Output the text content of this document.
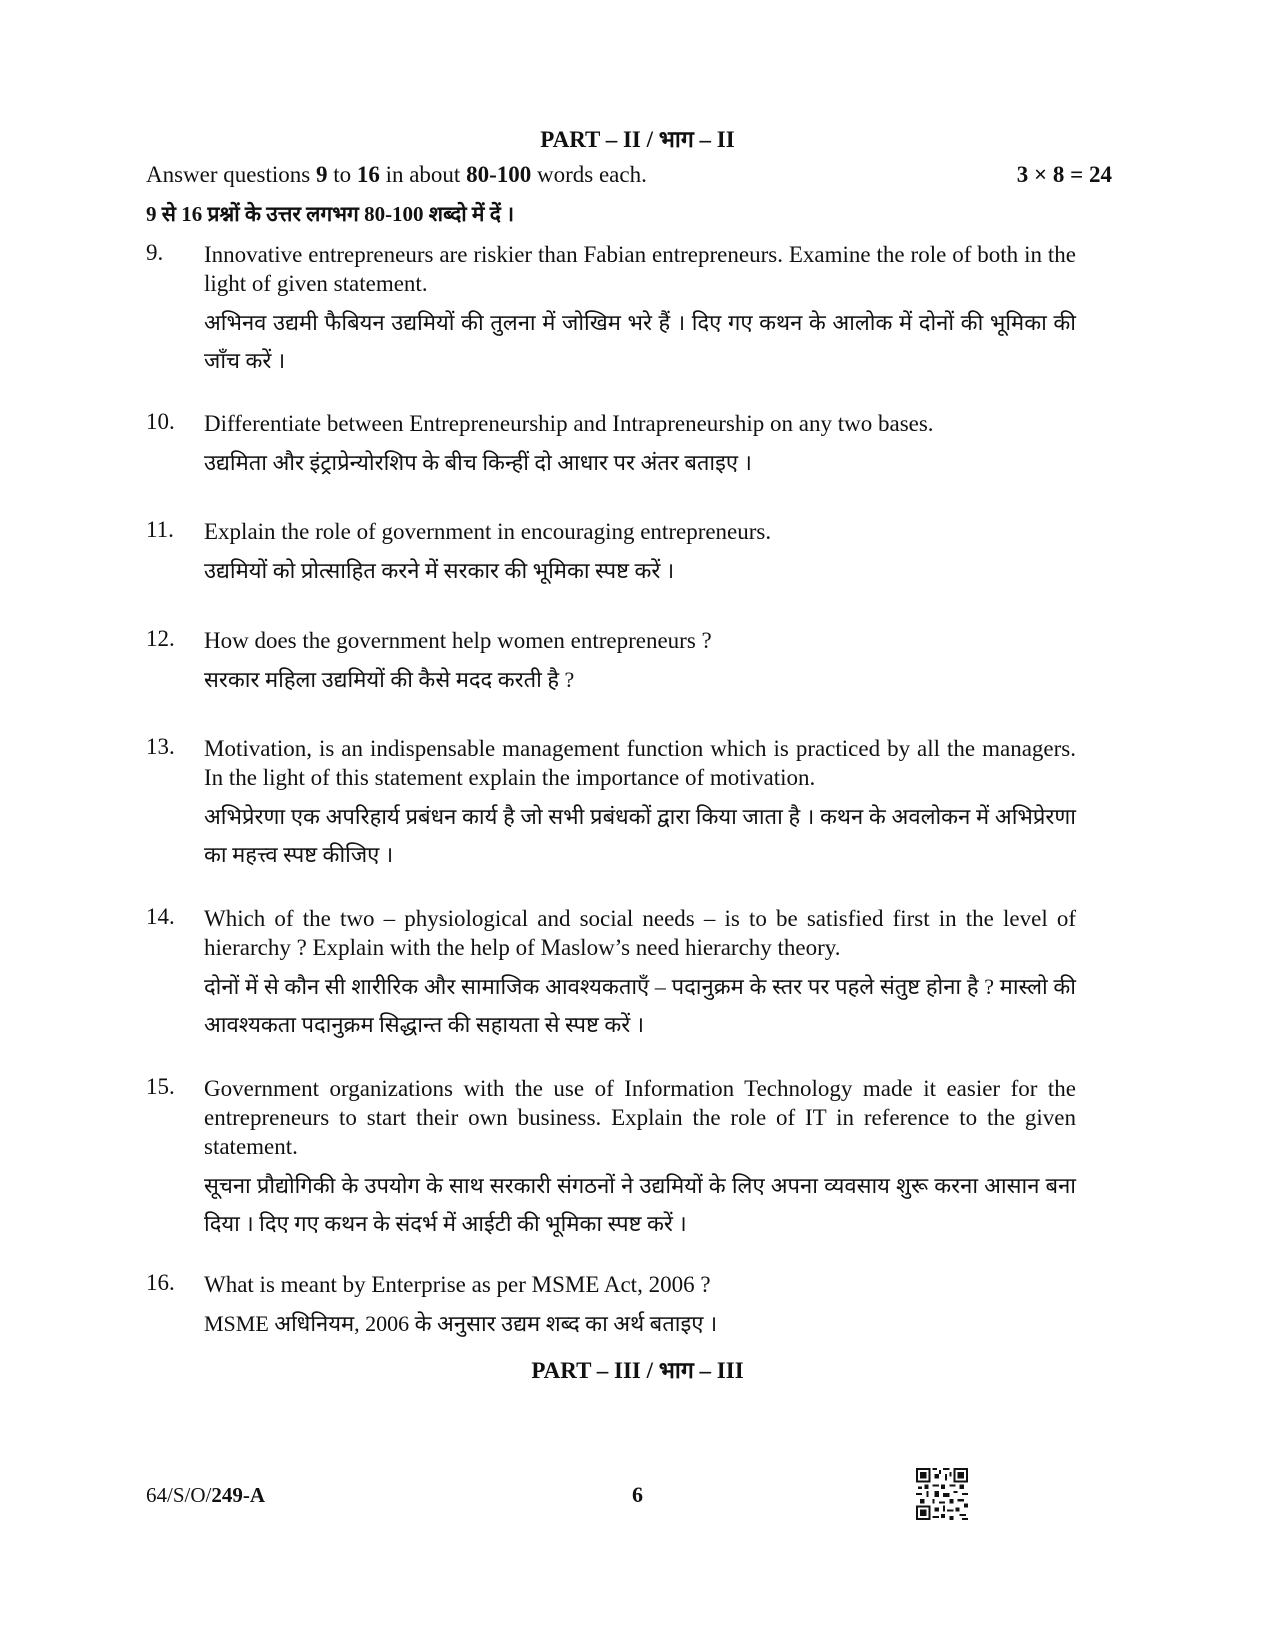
PART – II / भाग – II
Answer questions 9 to 16 in about 80-100 words each.	3 × 8 = 24
9 से 16 प्रश्नों के उत्तर लगभग 80-100 शब्दो में दें ।
9. Innovative entrepreneurs are riskier than Fabian entrepreneurs. Examine the role of both in the light of given statement.
अभिनव उद्यमी फैबियन उद्यमियों की तुलना में जोखिम भरे हैं । दिए गए कथन के आलोक में दोनों की भूमिका की जाँच करें ।
10. Differentiate between Entrepreneurship and Intrapreneurship on any two bases.
उद्यमिता और इंट्राप्रेन्योरशिप के बीच किन्हीं दो आधार पर अंतर बताइए ।
11. Explain the role of government in encouraging entrepreneurs.
उद्यमियों को प्रोत्साहित करने में सरकार की भूमिका स्पष्ट करें ।
12. How does the government help women entrepreneurs ?
सरकार महिला उद्यमियों की कैसे मदद करती है ?
13. Motivation, is an indispensable management function which is practiced by all the managers. In the light of this statement explain the importance of motivation.
अभिप्रेरणा एक अपरिहार्य प्रबंधन कार्य है जो सभी प्रबंधकों द्वारा किया जाता है । कथन के अवलोकन में अभिप्रेरणा का महत्त्व स्पष्ट कीजिए ।
14. Which of the two – physiological and social needs – is to be satisfied first in the level of hierarchy ? Explain with the help of Maslow’s need hierarchy theory.
दोनों में से कौन सी शारीरिक और सामाजिक आवश्यकताएँ – पदानुक्रम के स्तर पर पहले संतुष्ट होना है ? मास्लो की आवश्यकता पदानुक्रम सिद्धान्त की सहायता से स्पष्ट करें ।
15. Government organizations with the use of Information Technology made it easier for the entrepreneurs to start their own business. Explain the role of IT in reference to the given statement.
सूचना प्रौद्योगिकी के उपयोग के साथ सरकारी संगठनों ने उद्यमियों के लिए अपना व्यवसाय शुरू करना आसान बना दिया । दिए गए कथन के संदर्भ में आईटी की भूमिका स्पष्ट करें ।
16. What is meant by Enterprise as per MSME Act, 2006 ?
MSME अधिनियम, 2006 के अनुसार उद्यम शब्द का अर्थ बताइए ।
PART – III / भाग – III
64/S/O/249-A	6
